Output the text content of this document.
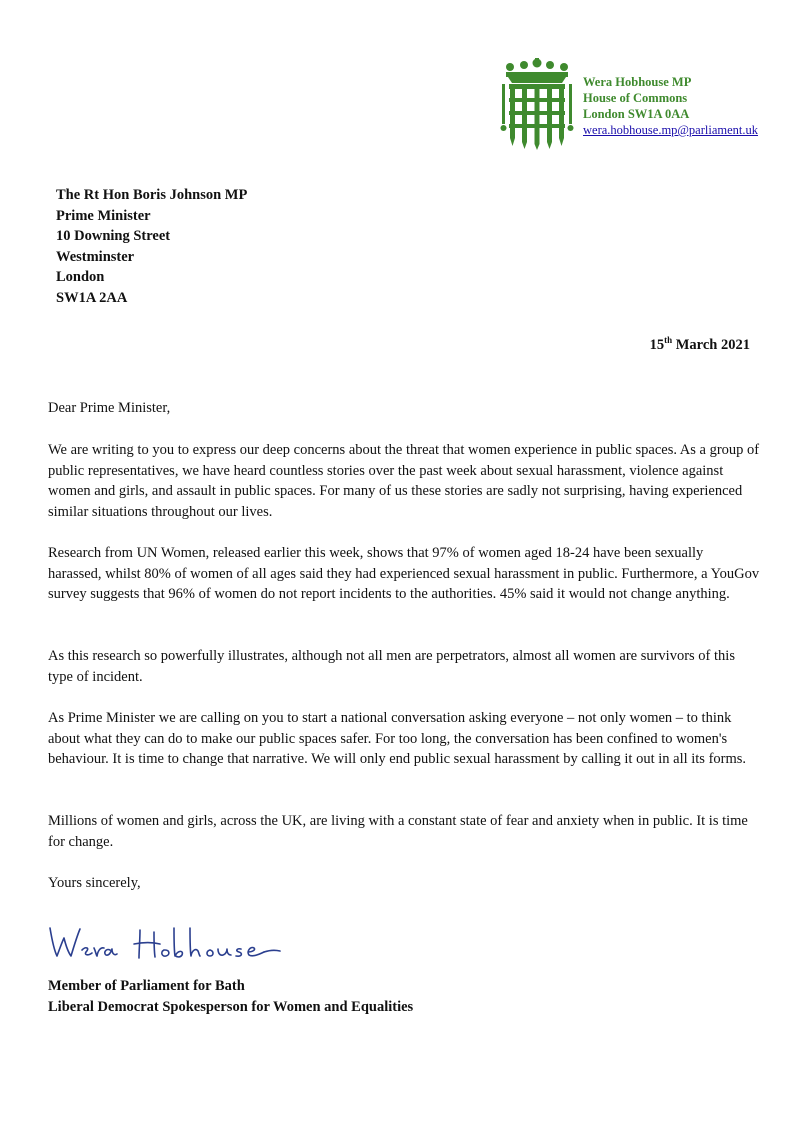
Wera Hobhouse MP
House of Commons
London SW1A 0AA
wera.hobhouse.mp@parliament.uk
The Rt Hon Boris Johnson MP
Prime Minister
10 Downing Street
Westminster
London
SW1A 2AA
15th March 2021

Dear Prime Minister,

We are writing to you to express our deep concerns about the threat that women experience in public spaces. As a group of public representatives, we have heard countless stories over the past week about sexual harassment, violence against women and girls, and assault in public spaces. For many of us these stories are sadly not surprising, having experienced similar situations throughout our lives.

Research from UN Women, released earlier this week, shows that 97% of women aged 18-24 have been sexually harassed, whilst 80% of women of all ages said they had experienced sexual harassment in public. Furthermore, a YouGov survey suggests that 96% of women do not report incidents to the authorities. 45% said it would not change anything.

As this research so powerfully illustrates, although not all men are perpetrators, almost all women are survivors of this type of incident.

As Prime Minister we are calling on you to start a national conversation asking everyone – not only women – to think about what they can do to make our public spaces safer. For too long, the conversation has been confined to women's behaviour. It is time to change that narrative. We will only end public sexual harassment by calling it out in all its forms.

Millions of women and girls, across the UK, are living with a constant state of fear and anxiety when in public. It is time for change.

Yours sincerely,

Member of Parliament for Bath
Liberal Democrat Spokesperson for Women and Equalities
